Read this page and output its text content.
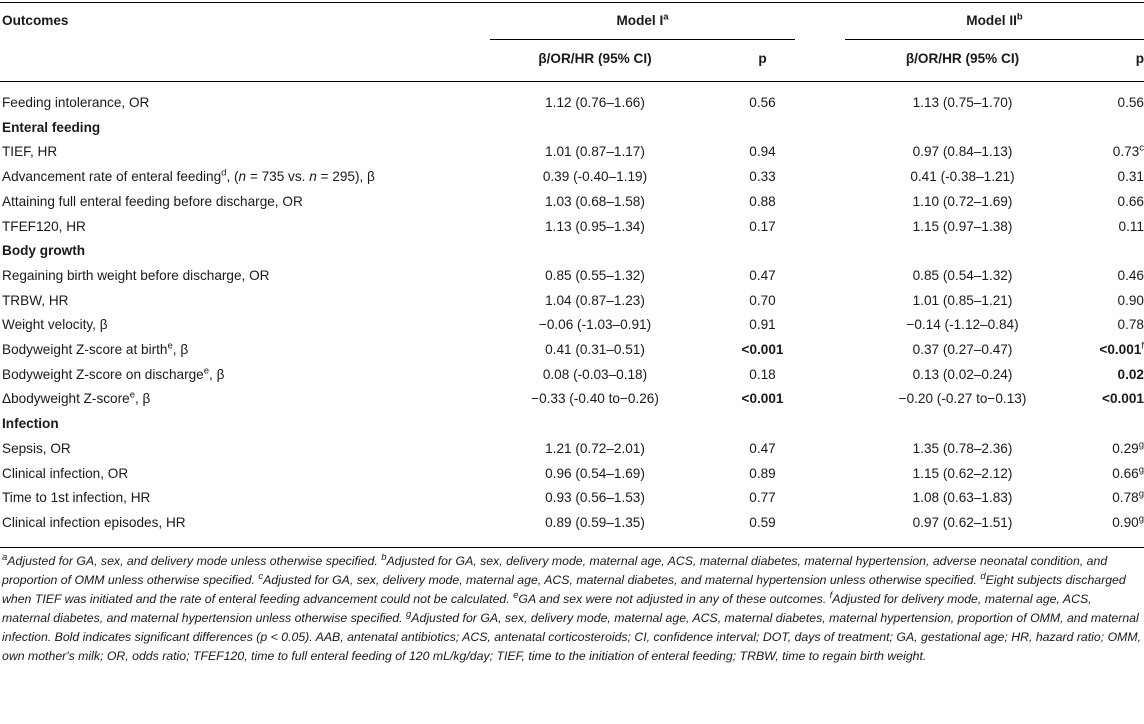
Outcomes	Model $I^a$	Model $II^b$
β/OR/HR (95% CI)	p	β/OR/HR (95% CI)	p
Feeding intolerance, OR	1.12 (0.76–1.66)	0.56	1.13 (0.75–1.70)	0.56
Enteral feeding
TIEF, HR	1.01 (0.87–1.17)	0.94	0.97 (0.84–1.13)	0.73$^c$
Advancement rate of enteral feeding$^d$, (n = 735 vs. n = 295), β	0.39 (-0.40–1.19)	0.33	0.41 (-0.38–1.21)	0.31
Attaining full enteral feeding before discharge, OR	1.03 (0.68–1.58)	0.88	1.10 (0.72–1.69)	0.66
TFEF120, HR	1.13 (0.95–1.34)	0.17	1.15 (0.97–1.38)	0.11
Body growth
Regaining birth weight before discharge, OR	0.85 (0.55–1.32)	0.47	0.85 (0.54–1.32)	0.46
TRBW, HR	1.04 (0.87–1.23)	0.70	1.01 (0.85–1.21)	0.90
Weight velocity, β	−0.06 (-1.03–0.91)	0.91	−0.14 (-1.12–0.84)	0.78
Bodyweight Z-score at birth$^e$, β	0.41 (0.31–0.51)	<0.001	0.37 (0.27–0.47)	<0.001$^f$
Bodyweight Z-score on discharge$^e$, β	0.08 (-0.03–0.18)	0.18	0.13 (0.02–0.24)	0.02
Δbodyweight Z-score$^e$, β	−0.33 (-0.40 to−0.26)	<0.001	−0.20 (-0.27 to−0.13)	<0.001
Infection
Sepsis, OR	1.21 (0.72–2.01)	0.47	1.35 (0.78–2.36)	0.29$^g$
Clinical infection, OR	0.96 (0.54–1.69)	0.89	1.15 (0.62–2.12)	0.66$^g$
Time to 1st infection, HR	0.93 (0.56–1.53)	0.77	1.08 (0.63–1.83)	0.78$^g$
Clinical infection episodes, HR	0.89 (0.59–1.35)	0.59	0.97 (0.62–1.51)	0.90$^g$

$^a$Adjusted for GA, sex, and delivery mode unless otherwise specified. $^b$Adjusted for GA, sex, delivery mode, maternal age, ACS, maternal diabetes, maternal hypertension, adverse neonatal condition, and proportion of OMM unless otherwise specified. $^c$Adjusted for GA, sex, delivery mode, maternal age, ACS, maternal diabetes, and maternal hypertension unless otherwise specified. $^d$Eight subjects discharged when TIEF was initiated and the rate of enteral feeding advancement could not be calculated. $^e$GA and sex were not adjusted in any of these outcomes. $^f$Adjusted for delivery mode, maternal age, ACS, maternal diabetes, and maternal hypertension unless otherwise specified. $^g$Adjusted for GA, sex, delivery mode, maternal age, ACS, maternal diabetes, maternal hypertension, proportion of OMM, and maternal infection. Bold indicates significant differences (p < 0.05). AAB, antenatal antibiotics; ACS, antenatal corticosteroids; CI, confidence interval; DOT, days of treatment; GA, gestational age; HR, hazard ratio; OMM, own mother's milk; OR, odds ratio; TFEF120, time to full enteral feeding of 120 mL/kg/day; TIEF, time to the initiation of enteral feeding; TRBW, time to regain birth weight.
